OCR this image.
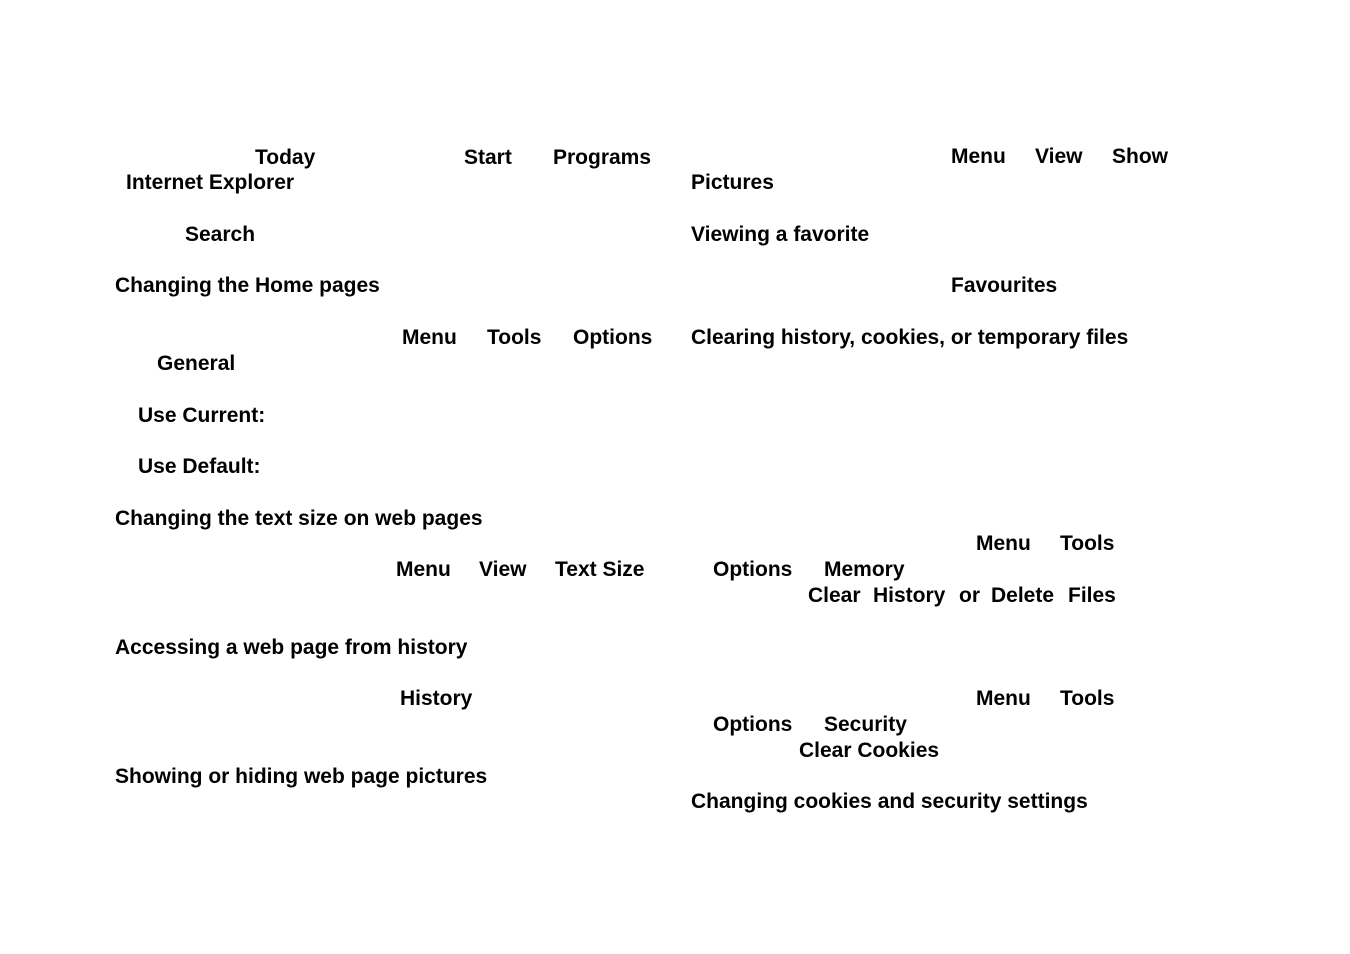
Today	Start Programs
Internet Explorer
Search
Changing the Home pages
Menu Tools Options
General
Use Current:
Use Default:
Changing the text size on web pages
Menu View Text Size
Accessing a web page from history
History
Showing or hiding web page pictures
Menu View Show
Pictures
Viewing a favorite
Favourites
Clearing history, cookies, or temporary files
Menu Tools
Options Memory
Clear History or Delete Files
Menu Tools
Options Security
Clear Cookies
Changing cookies and security settings
